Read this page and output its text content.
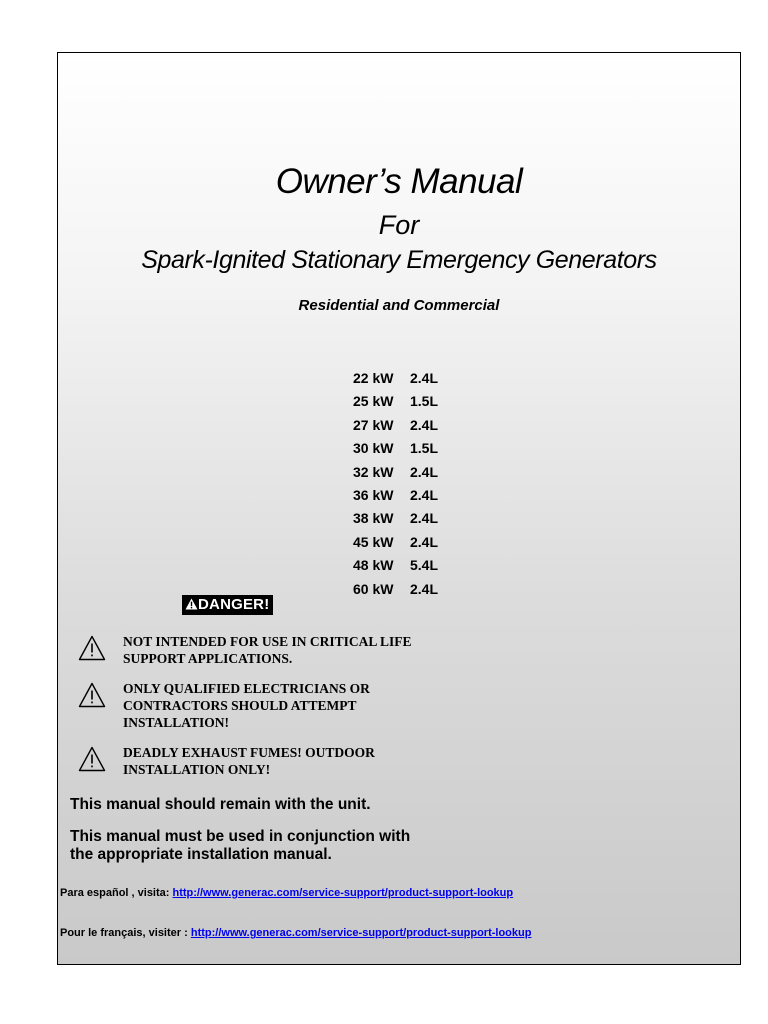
Owner’s Manual
For
Spark-Ignited Stationary Emergency Generators
Residential and Commercial
22 kW 2.4L
25 kW 1.5L
27 kW 2.4L
30 kW 1.5L
32 kW 2.4L
36 kW 2.4L
38 kW 2.4L
45 kW 2.4L
48 kW 5.4L
60 kW 2.4L
DANGER!
NOT INTENDED FOR USE IN CRITICAL LIFE SUPPORT APPLICATIONS.
ONLY QUALIFIED ELECTRICIANS OR CONTRACTORS SHOULD ATTEMPT INSTALLATION!
DEADLY EXHAUST FUMES! OUTDOOR INSTALLATION ONLY!
This manual should remain with the unit.
This manual must be used in conjunction with the appropriate installation manual.
Para español , visita: http://www.generac.com/service-support/product-support-lookup
Pour le français, visiter : http://www.generac.com/service-support/product-support-lookup
